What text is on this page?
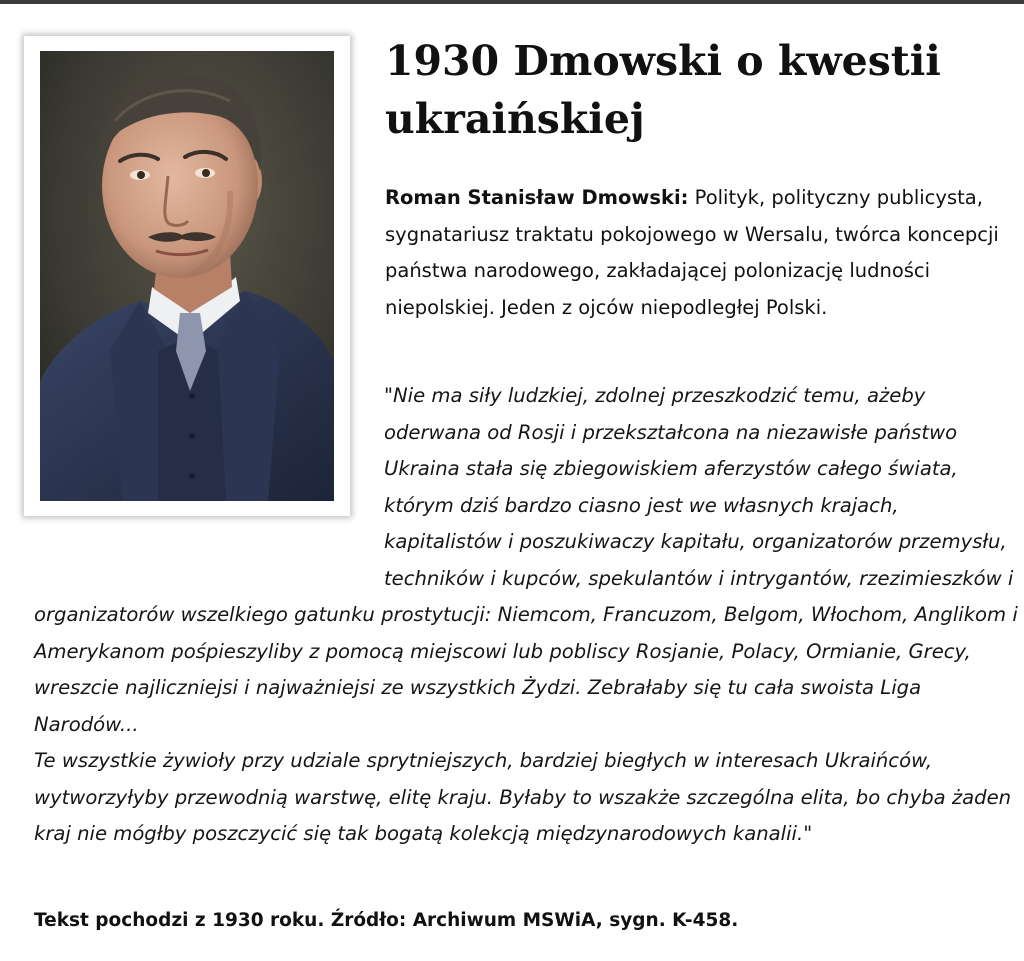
1930 Dmowski o kwestii ukraińskiej

Roman Stanisław Dmowski: Polityk, polityczny publicysta, sygnatariusz traktatu pokojowego w Wersalu, twórca koncepcji państwa narodowego, zakładającej polonizację ludności niepolskiej. Jeden z ojców niepodległej Polski.

"Nie ma siły ludzkiej, zdolnej przeszkodzić temu, ażeby oderwana od Rosji i przekształcona na niezawisłe państwo Ukraina stała się zbiegowiskiem aferzystów całego świata, którym dziś bardzo ciasno jest we własnych krajach, kapitalistów i poszukiwaczy kapitału, organizatorów przemysłu, techników i kupców, spekulantów i intrygantów, rzezimieszków i organizatorów wszelkiego gatunku prostytucji: Niemcom, Francuzom, Belgom, Włochom, Anglikom i Amerykanom pośpieszyliby z pomocą miejscowi lub pobliscy Rosjanie, Polacy, Ormianie, Grecy, wreszcie najliczniejsi i najważniejsi ze wszystkich Żydzi. Zebrałaby się tu cała swoista Liga Narodów...
Te wszystkie żywioły przy udziale sprytniejszych, bardziej biegłych w interesach Ukraińców, wytworzyłyby przewodnią warstwę, elitę kraju. Byłaby to wszakże szczególna elita, bo chyba żaden kraj nie mógłby poszczycić się tak bogatą kolekcją międzynarodowych kanalii."

Tekst pochodzi z 1930 roku. Źródło: Archiwum MSWiA, sygn. K-458.
